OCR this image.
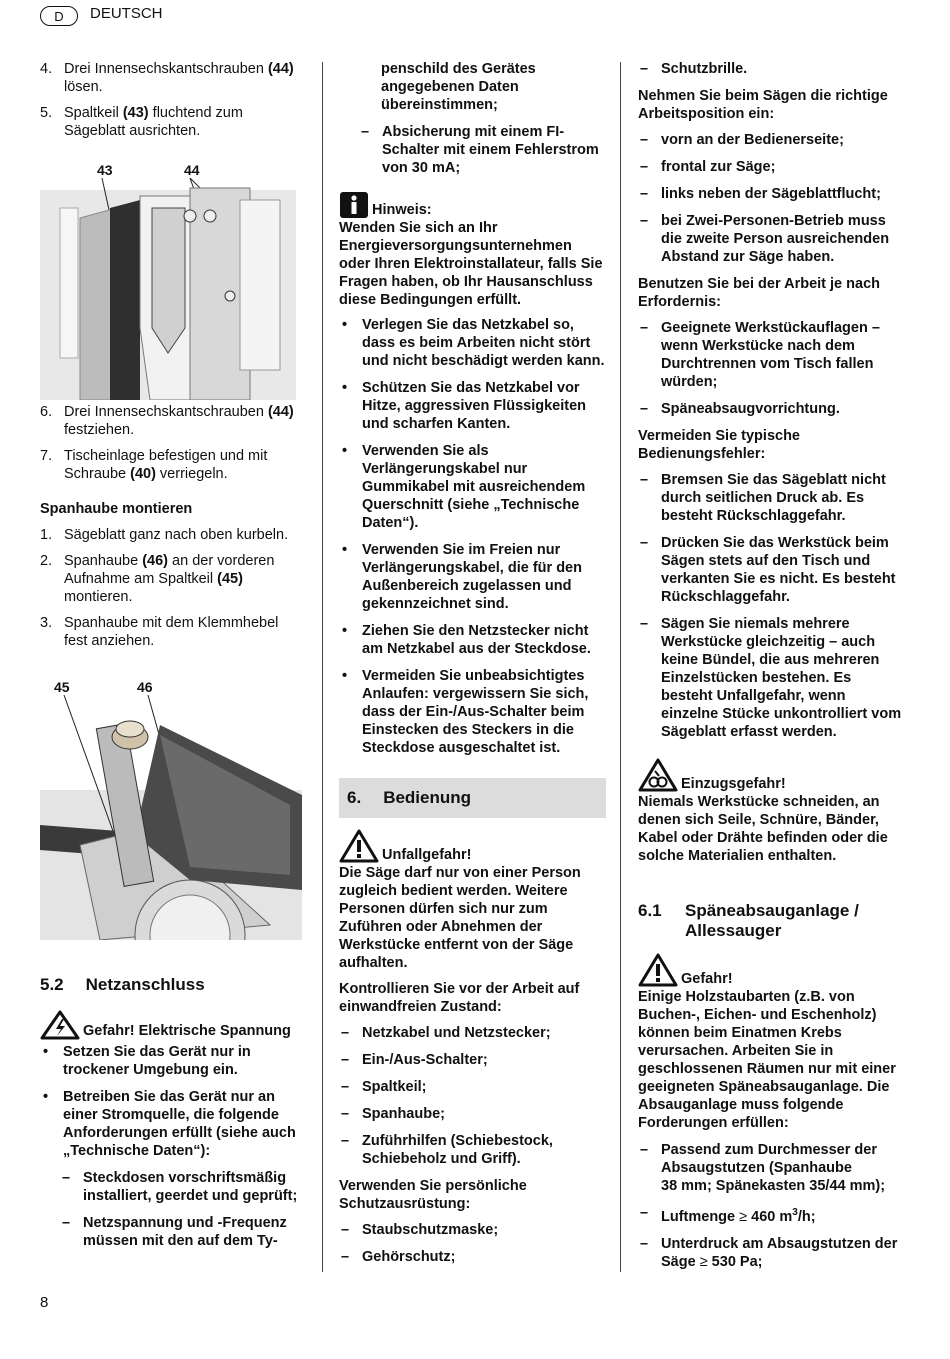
D DEUTSCH
4. Drei Innensechskantschrauben (44) lösen.
5. Spaltkeil (43) fluchtend zum Sägeblatt ausrichten.
43	44
6. Drei Innensechskantschrauben (44) festziehen.
7. Tischeinlage befestigen und mit Schraube (40) verriegeln.

Spanhaube montieren

1. Sägeblatt ganz nach oben kurbeln.
2. Spanhaube (46) an der vorderen Aufnahme am Spaltkeil (45) montieren.
3. Spanhaube mit dem Klemmhebel fest anziehen.
45	46
5.2 Netzanschluss
Gefahr! Elektrische Spannung
• Setzen Sie das Gerät nur in trockener Umgebung ein.
• Betreiben Sie das Gerät nur an einer Stromquelle, die folgende Anforderungen erfüllt (siehe auch „Technische Daten“):
– Steckdosen vorschriftsmäßig installiert, geerdet und geprüft;
– Netzspannung und -Frequenz müssen mit den auf dem Ty-
penschild des Gerätes angegebenen Daten übereinstimmen;
– Absicherung mit einem FI-Schalter mit einem Fehlerstrom von 30 mA;
Hinweis:

Wenden Sie sich an Ihr Energieversorgungsunternehmen oder Ihren Elektroinstallateur, falls Sie Fragen haben, ob Ihr Hausanschluss diese Bedingungen erfüllt.

• Verlegen Sie das Netzkabel so, dass es beim Arbeiten nicht stört und nicht beschädigt werden kann.
• Schützen Sie das Netzkabel vor Hitze, aggressiven Flüssigkeiten und scharfen Kanten.
• Verwenden Sie als Verlängerungskabel nur Gummikabel mit ausreichendem Querschnitt (siehe „Technische Daten“).
• Verwenden Sie im Freien nur Verlängerungskabel, die für den Außenbereich zugelassen und gekennzeichnet sind.
• Ziehen Sie den Netzstecker nicht am Netzkabel aus der Steckdose.
• Vermeiden Sie unbeabsichtigtes Anlaufen: vergewissern Sie sich, dass der Ein-/Aus-Schalter beim Einstecken des Steckers in die Steckdose ausgeschaltet ist.
6. Bedienung
Unfallgefahr!

Die Säge darf nur von einer Person zugleich bedient werden. Weitere Personen dürfen sich nur zum Zuführen oder Abnehmen der Werkstücke entfernt von der Säge aufhalten.

Kontrollieren Sie vor der Arbeit auf einwandfreien Zustand:

– Netzkabel und Netzstecker;
– Ein-/Aus-Schalter;
– Spaltkeil;
– Spanhaube;
– Zuführhilfen (Schiebestock, Schiebeholz und Griff).

Verwenden Sie persönliche Schutzausrüstung:

– Staubschutzmaske;
– Gehörschutz;
– Schutzbrille.

Nehmen Sie beim Sägen die richtige Arbeitsposition ein:

– vorn an der Bedienerseite;
– frontal zur Säge;
– links neben der Sägeblattflucht;
– bei Zwei-Personen-Betrieb muss die zweite Person ausreichenden Abstand zur Säge haben.

Benutzen Sie bei der Arbeit je nach Erfordernis:

– Geeignete Werkstückauflagen – wenn Werkstücke nach dem Durchtrennen vom Tisch fallen würden;
– Späneabsaugvorrichtung.

Vermeiden Sie typische Bedienungsfehler:

– Bremsen Sie das Sägeblatt nicht durch seitlichen Druck ab. Es besteht Rückschlaggefahr.
– Drücken Sie das Werkstück beim Sägen stets auf den Tisch und verkanten Sie es nicht. Es besteht Rückschlaggefahr.
– Sägen Sie niemals mehrere Werkstücke gleichzeitig – auch keine Bündel, die aus mehreren Einzelstücken bestehen. Es besteht Unfallgefahr, wenn einzelne Stücke unkontrolliert vom Sägeblatt erfasst werden.
Einzugsgefahr!

Niemals Werkstücke schneiden, an denen sich Seile, Schnüre, Bänder, Kabel oder Drähte befinden oder die solche Materialien enthalten.

6.1 Späneabsauganlage /
Allessauger
Gefahr!

Einige Holzstaubarten (z.B. von Buchen-, Eichen- und Eschenholz) können beim Einatmen Krebs verursachen. Arbeiten Sie in geschlossenen Räumen nur mit einer geeigneten Späneabsauganlage. Die Absauganlage muss folgende Forderungen erfüllen:

– Passend zum Durchmesser der Absaugstutzen (Spanhaube
38 mm; Spänekasten 35/44 mm);
– Luftmenge ≥ 460 $m^3/h$;
– Unterdruck am Absaugstutzen der Säge ≥ 530 Pa;
8
